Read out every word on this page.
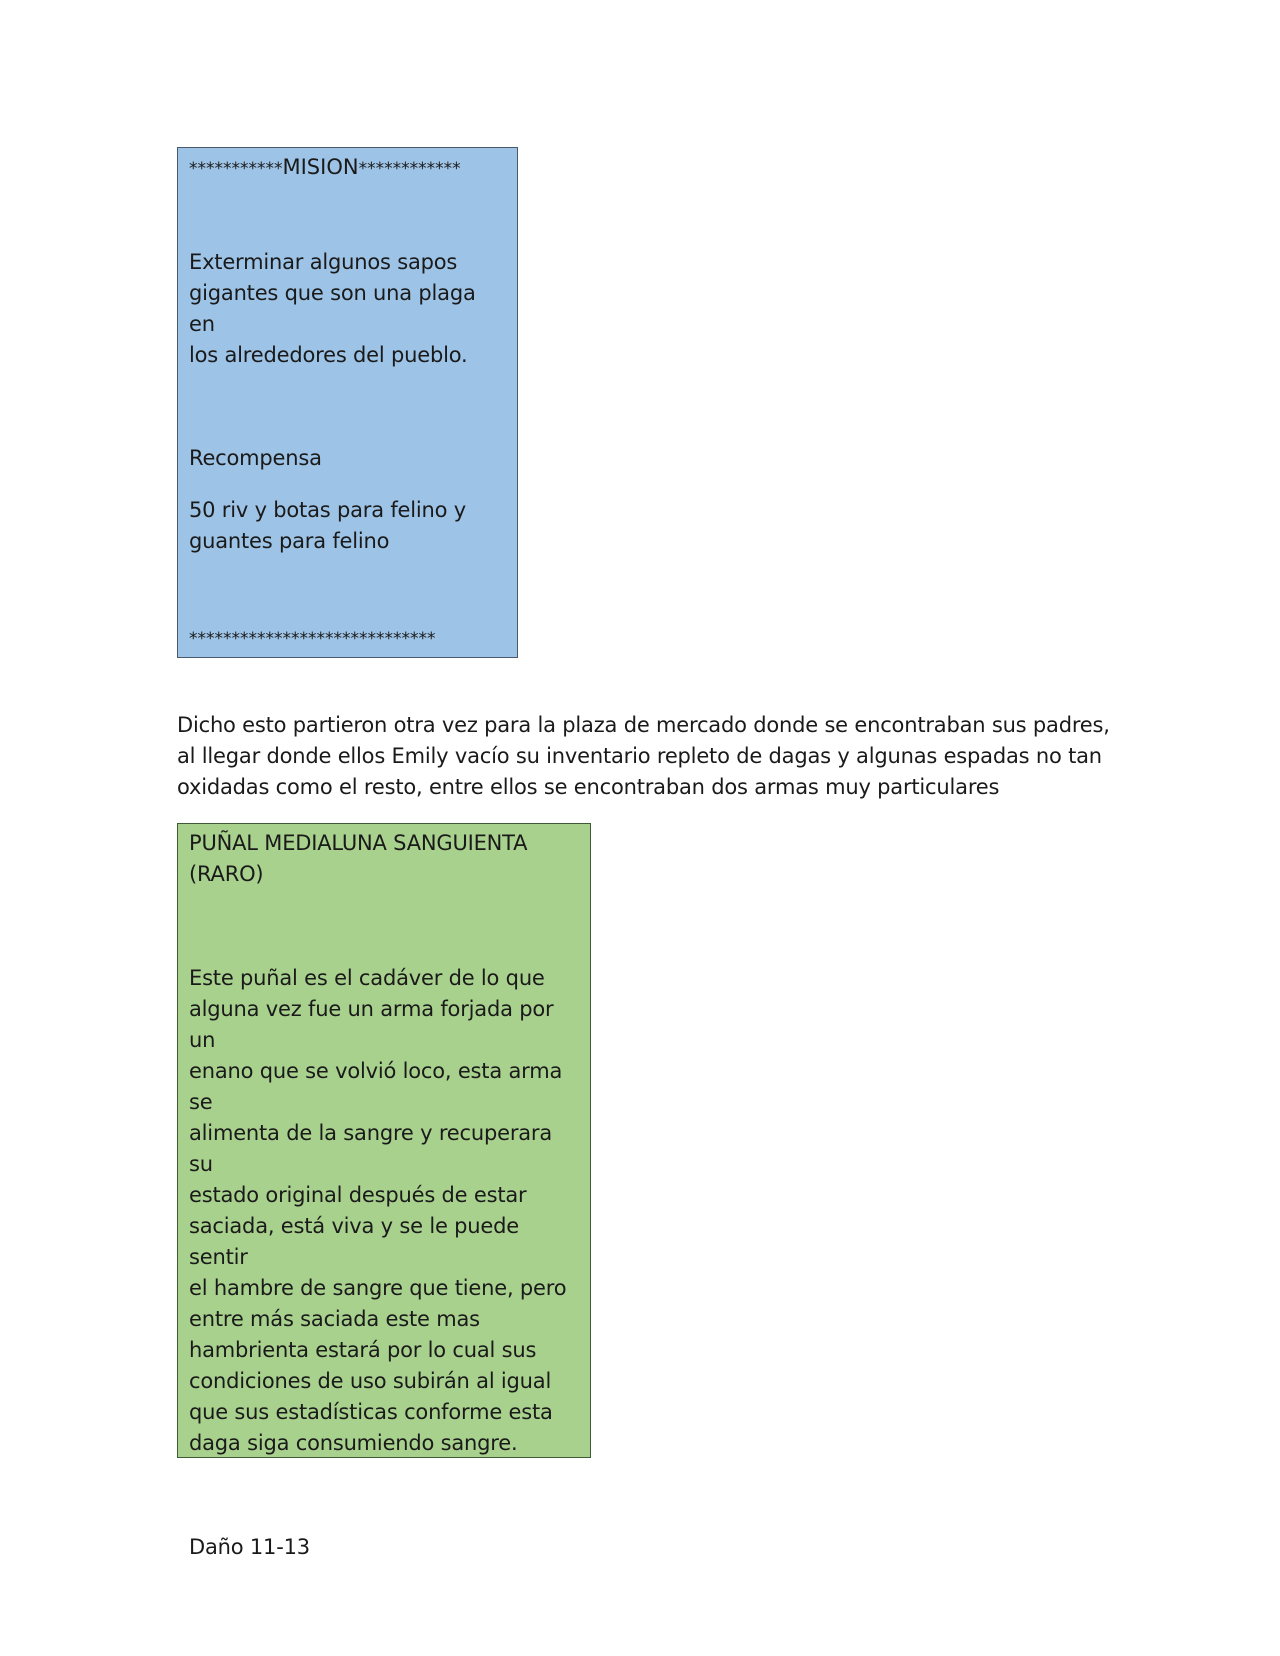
***********MISION************
Exterminar algunos sapos
gigantes que son una plaga en
los alrededores del pueblo.
Recompensa
50 riv y botas para felino y
guantes para felino
*****************************
Dicho esto partieron otra vez para la plaza de mercado donde se encontraban sus padres,
al llegar donde ellos Emily vacío su inventario repleto de dagas y algunas espadas no tan
oxidadas como el resto, entre ellos se encontraban dos armas muy particulares
PUÑAL MEDIALUNA SANGUIENTA
(RARO)
Este puñal es el cadáver de lo que
alguna vez fue un arma forjada por un
enano que se volvió loco, esta arma se
alimenta de la sangre y recuperara su
estado original después de estar
saciada, está viva y se le puede sentir
el hambre de sangre que tiene, pero
entre más saciada este mas
hambrienta estará por lo cual sus
condiciones de uso subirán al igual
que sus estadísticas conforme esta
daga siga consumiendo sangre.
Daño 11-13
